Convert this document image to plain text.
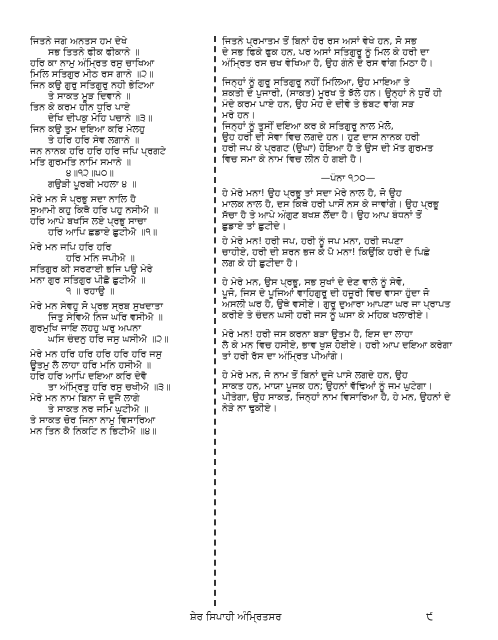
ਜਿਤਨੇ ਜਗ ਅਨਤਸ ਹਮ ਦੇਖੇ
ਸਭ ਤਿਤਨੇ ਫੀਕ ਫੀਕਾਨੇ ॥
ਹਰਿ ਕਾ ਨਾਮੁ ਅੰਮ੍ਰਿਤ ਰਸੁ ਚਾਖਿਆ
ਮਿਲਿ ਸਤਿਗੁਰ ਮੀਠ ਰਸ ਗਾਨੇ ॥੨॥
ਜਿਨ ਕਉ ਗੁਰੁ ਸਤਿਗੁਰੁ ਨਹੀ ਭੇਟਿਆ
ਤੇ ਸਾਕਤ ਮੂੜ ਦਿਵਾਨੇ ॥
ਤਿਨ ਕੇ ਕਰਮ ਹੀਨ ਧੁਰਿ ਪਾਏ
ਦੇਖਿ ਦੀਪਕੁ ਮੋਹਿ ਪਚਾਨੇ ॥੩॥
ਜਿਨ ਕਉ ਤੁਮ ਦਇਆ ਕਰਿ ਮੇਲਹੁ
ਤੇ ਹਰਿ ਹਰਿ ਸੇਵ ਲਗਾਨੇ ॥
ਜਨ ਨਾਨਕ ਹਰਿ ਹਰਿ ਹਰਿ ਜਪਿ ਪ੍ਰਗਟੇ
ਮਤਿ ਗੁਰਮਤਿ ਨਾਮਿ ਸਮਾਨੇ ॥
੪॥੧੨॥੫੦॥
ਗਉੜੀ ਪੂਰਬੀ ਮਹਲਾ ੪ ॥
ਮੇਰੇ ਮਨ ਸੋ ਪ੍ਰਭੁ ਸਦਾ ਨਾਲਿ ਹੈ
ਸੁਆਮੀ ਕਹੁ ਕਿਥੈ ਹਰਿ ਪਹੁ ਨਸੀਐ ॥
ਹਰਿ ਆਪੇ ਬਖਸਿ ਲਏ ਪ੍ਰਭੁ ਸਾਚਾ
ਹਰਿ ਆਪਿ ਛਡਾਏ ਛੁਟੀਐ ॥੧॥
ਮੇਰੇ ਮਨ ਜਪਿ ਹਰਿ ਹਰਿ
ਹਰਿ ਮਨਿ ਜਪੀਐ ॥
ਸਤਿਗੁਰ ਕੀ ਸਰਣਾਈ ਭਜਿ ਪਉ ਮੇਰੇ
ਮਨਾ ਗੁਰ ਸਤਿਗੁਰ ਪੀਛੈ ਛੁਟੀਐ ॥
੧ ॥ ਰਹਾਉ ॥
ਮੇਰੇ ਮਨ ਸੇਵਹੁ ਸੋ ਪ੍ਰਭ ਸ੍ਰਬ ਸੁਖਦਾਤਾ
ਜਿਤੁ ਸੇਵਿਐ ਨਿਜ ਘਰਿ ਵਸੀਐ ॥
ਗੁਰਮੁਖਿ ਜਾਇ ਲਹਹੁ ਘਰੁ ਅਪਨਾ
ਘਸਿ ਚੰਦਨੁ ਹਰਿ ਜਸੁ ਘਸੀਐ ॥੨॥
ਮੇਰੇ ਮਨ ਹਰਿ ਹਰਿ ਹਰਿ ਹਰਿ ਹਰਿ ਜਸੁ
ਊਤਮੁ ਲੈ ਲਾਹਾ ਹਰਿ ਮਨਿ ਹਸੀਐ ॥
ਹਰਿ ਹਰਿ ਆਪਿ ਦਇਆ ਕਰਿ ਦੇਵੈ
ਤਾ ਅੰਮ੍ਰਿਤੁ ਹਰਿ ਰਸੁ ਚਖੀਐ ॥੩॥
ਮੇਰੇ ਮਨ ਨਾਮ ਬਿਨਾ ਜੋ ਦੂਜੈ ਲਾਗੇ
ਤੇ ਸਾਕਤ ਨਰ ਜਮਿ ਘੁਟੀਐ ॥
ਤੇ ਸਾਕਤ ਚੋਰ ਜਿਨਾ ਨਾਮੁ ਵਿਸਾਰਿਆ
ਮਨ ਤਿਨ ਕੈ ਨਿਕਟਿ ਨ ਭਿਟੀਐ ॥੪॥
ਜਿਤਨੇ ਪ੍ਰਮਾਤਮ ਤੋਂ ਬਿਨਾਂ ਹੋਰ ਰਸ ਅਸਾਂ ਵੇਖੇ ਹਨ, ਸੋ ਸਭ
ਦੇ ਸਭ ਫਿਕੇ ਫੁਕ ਹਨ, ਪਰ ਅਸਾਂ ਸਤਿਗੁਰੂ ਨੂੰ ਮਿਲ ਕੇ ਹਰੀ ਦਾ
ਅੰਮ੍ਰਿਤ ਰਸ ਚਖ ਵੇਖਿਆ ਹੈ, ਉਹ ਗੰਨੇ ਦੇ ਰਸ ਵਾਂਗ ਮਿਠਾ ਹੈ।
ਜਿਨ੍ਹਾਂ ਨੂੰ ਗੁਰੂ ਸਤਿਗੁਰੂ ਨਹੀਂ ਮਿਲਿਆ, ਉਹ ਮਾਇਆ ਤੇ
ਸ਼ਕਤੀ ਦੇ ਪੁਜਾਰੀ, (ਸਾਕਤ) ਮੂਰਖ ਤੇ ਝੱਲੇ ਹਨ। ਉਨ੍ਹਾਂ ਨੇ ਧੁਰੋਂ ਹੀ
ਮੰਦੇ ਕਰਮ ਪਾਏ ਹਨ, ਉਹ ਮੋਹ ਦੇ ਦੀਵੇ ਤੇ ਭੰਬਟ ਵਾਂਗ ਸੜ
ਮਰੇ ਹਨ।
ਜਿਨ੍ਹਾਂ ਨੂੰ ਤੁਸੀਂ ਦਇਆ ਕਰ ਕੇ ਸਤਿਗੁਰੂ ਨਾਲ ਮੇਲੋ,
ਉਹ ਹਰੀ ਦੀ ਸੇਵਾ ਵਿਚ ਲਗਦੇ ਹਨ। ਹੁਣ ਦਾਸ ਨਾਨਕ ਹਰੀ
ਹਰੀ ਜਪ ਕੇ ਪ੍ਰਗਟ (ਉਘਾ) ਹੋਇਆ ਹੈ ਤੇ ਉਸ ਦੀ ਮੱਤ ਗੁਰਮਤ
ਵਿਚ ਸਮਾ ਕੇ ਨਾਮ ਵਿਚ ਲੀਨ ਹੋ ਗਈ ਹੈ।
—ਪੰਨਾ ੧੭੦—
ਹੇ ਮੇਰੇ ਮਨਾ! ਉਹ ਪ੍ਰਭੂ ਤਾਂ ਸਦਾ ਮੇਰੇ ਨਾਲ ਹੈ, ਜੋ ਉਹ
ਮਾਲਕ ਨਾਲ ਹੈ, ਦਸ ਕਿਥੇ ਹਰੀ ਪਾਸੋਂ ਨਸ ਕੇ ਜਾਵਾਂਗੇ। ਉਹ ਪ੍ਰਭੂ
ਸੱਚਾ ਹੈ ਤੇ ਆਪੇ ਔਗੁਣ ਬਖਸ਼ ਲੈਂਦਾ ਹੈ। ਉਹ ਆਪ ਬੰਧਨਾਂ ਤੋਂ
ਛੁਡਾਏ ਤਾਂ ਛੁਟੀਦੇ।
ਹੇ ਮੇਰੇ ਮਨ! ਹਰੀ ਜਪ, ਹਰੀ ਨੂੰ ਜਪ ਮਨਾ, ਹਰੀ ਜਪਣਾ
ਚਾਹੀਏ, ਹਰੀ ਦੀ ਸ਼ਰਨ ਭਜ ਕੇ ਪੈ ਮਨਾ! ਕਿਉਂਕਿ ਹਰੀ ਦੇ ਪਿਛੇ
ਲਗ ਕੇ ਹੀ ਛੁਟੀਦਾ ਹੈ।
ਹੇ ਮੇਰੇ ਮਨ, ਉਸ ਪ੍ਰਭੂ, ਸਭ ਸੁਖਾਂ ਦੇ ਦੇਣ ਵਾਲੇ ਨੂੰ ਸੇਵੋ,
ਪੂਜੋ, ਜਿਸ ਦੇ ਪੂਜਿਆਂ ਵਾਹਿਗੁਰੂ ਦੀ ਹਜ਼ੂਰੀ ਵਿਚ ਵਾਸਾ ਹੁੰਦਾ ਜੋ
ਅਸਲੀ ਘਰ ਹੈ, ਉਥੇ ਵਸੀਏ। ਗੁਰੂ ਦੁਆਰਾ ਆਪਣਾ ਘਰ ਜਾ ਪ੍ਰਾਪਤ
ਕਰੀਏ ਤੇ ਚੰਦਨ ਘਸੀ ਹਰੀ ਜਸ ਨੂੰ ਘਸਾ ਕੇ ਮਹਿਕ ਖਲਾਰੀਏ।
ਮੇਰੇ ਮਨ! ਹਰੀ ਜਸ ਕਰਨਾ ਬੜਾ ਉਤਮ ਹੈ, ਇਸ ਦਾ ਲਾਹਾ
ਲੈ ਕੇ ਮਨ ਵਿਚ ਹਸੀਏ, ਭਾਵ ਖੁਸ਼ ਹੋਈਏ। ਹਰੀ ਆਪ ਦਇਆ ਕਰੇਗਾ
ਤਾਂ ਹਰੀ ਰੱਸ ਦਾ ਅੰਮ੍ਰਿਤ ਪੀਆਂਗੇ।
ਹੇ ਮੇਰੇ ਮਨ, ਜੋ ਨਾਮ ਤੋਂ ਬਿਨਾਂ ਦੂਜੇ ਪਾਸੇ ਲਗਦੇ ਹਨ, ਉਹ
ਸਾਕਤ ਹਨ, ਮਾਯਾ ਪੂਜਕ ਹਨ; ਉਹਨਾਂ ਵੱਢਿਆਂ ਨੂੰ ਜਮ ਘੁਟੇਗਾ।
ਪੀਤੇਗਾ, ਉਹ ਸਾਕਤ, ਜਿਨ੍ਹਾਂ ਨਾਮ ਵਿਸਾਰਿਆ ਹੈ, ਹੇ ਮਨ, ਉਹਨਾਂ ਦੇ
ਨੇੜੇ ਨਾ ਢੁਕੀਏ।
ਸ਼ੇਰ ਸਿਪਾਹੀ ਅੰਮ੍ਰਿਤਸਰ	੯
